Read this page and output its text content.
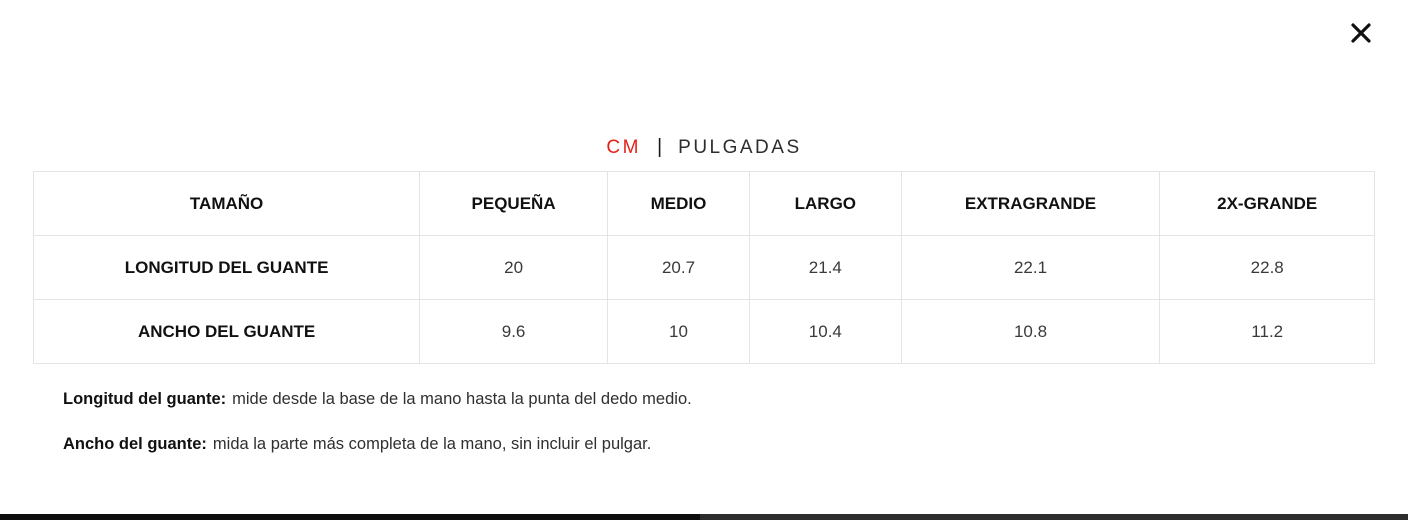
CM | PULGADAS
TAMAÑO	PEQUEÑA	MEDIO	LARGO	EXTRAGRANDE	2X-GRANDE
LONGITUD DEL GUANTE	20	20.7	21.4	22.1	22.8
ANCHO DEL GUANTE	9.6	10	10.4	10.8	11.2

Longitud del guante: mide desde la base de la mano hasta la punta del dedo medio.

Ancho del guante: mida la parte más completa de la mano, sin incluir el pulgar.
